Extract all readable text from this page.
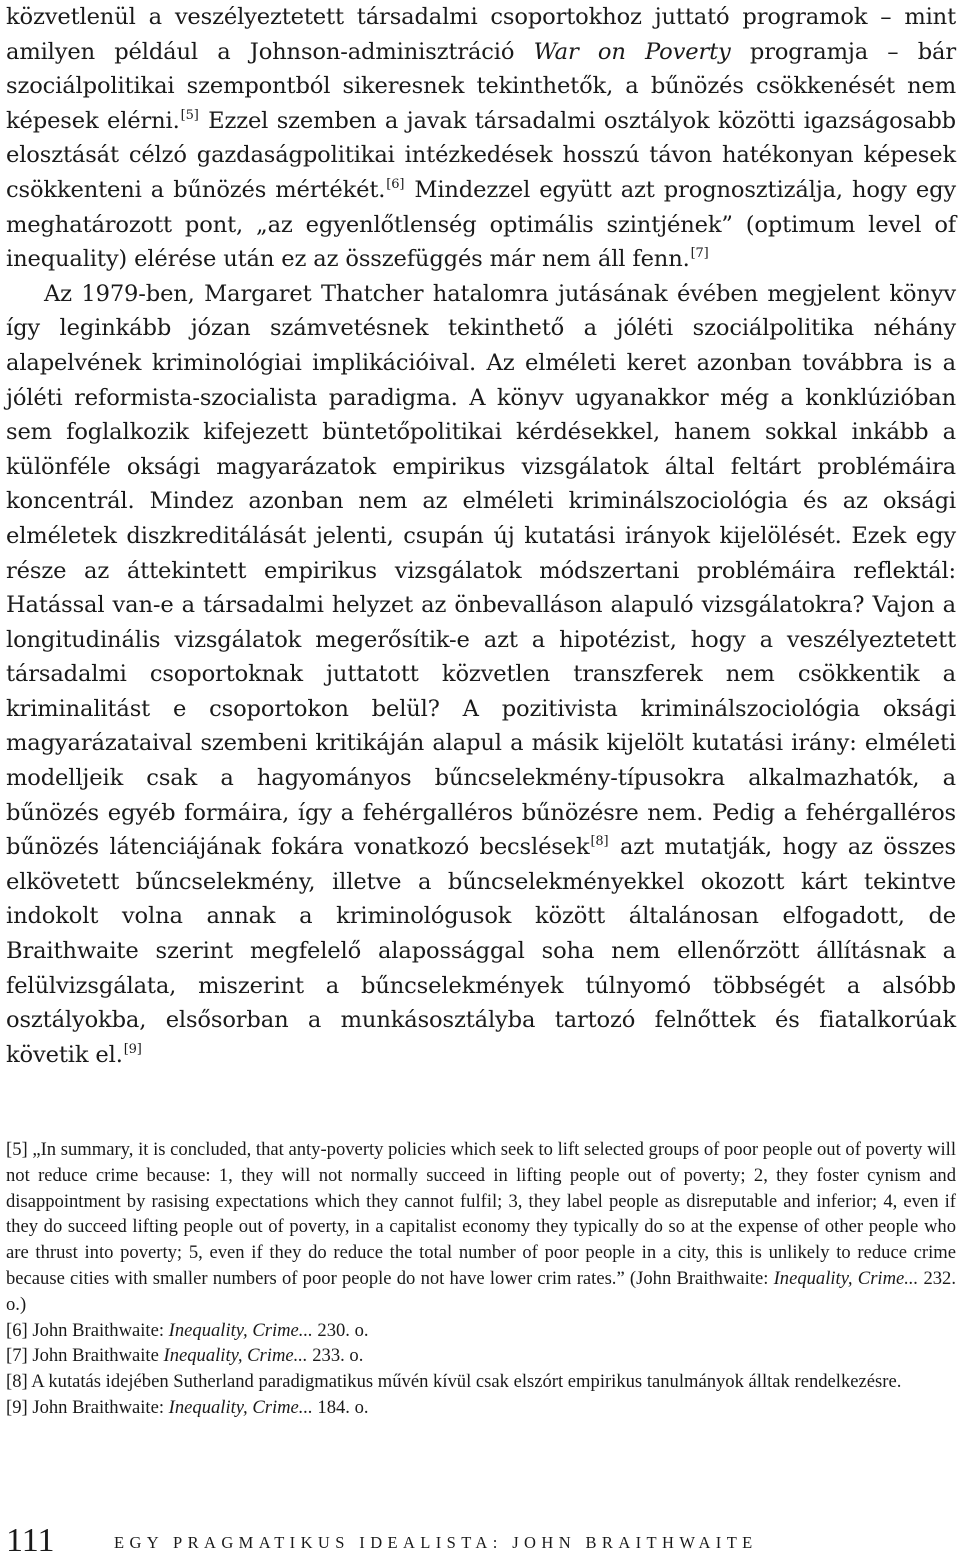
közvetlenül a veszélyeztetett társadalmi csoportokhoz juttató programok – mint amilyen például a Johnson-adminisztráció War on Poverty programja – bár szociálpolitikai szempontból sikeresnek tekinthetők, a bűnözés csökkenését nem képesek elérni.[5] Ezzel szemben a javak társadalmi osztályok közötti igazságosabb elosztását célzó gazdaságpolitikai intézkedések hosszú távon hatékonyan képesek csökkenteni a bűnözés mértékét.[6] Mindezzel együtt azt prognosztizálja, hogy egy meghatározott pont, „az egyenlőtlenség optimális szintjének” (optimum level of inequality) elérése után ez az összefüggés már nem áll fenn.[7]

Az 1979-ben, Margaret Thatcher hatalomra jutásának évében megjelent könyv így leginkább józan számvetésnek tekinthető a jóléti szociálpolitika néhány alapelvének kriminológiai implikációival. Az elméleti keret azonban továbbra is a jóléti reformista-szocialista paradigma. A könyv ugyanakkor még a konklúzióban sem foglalkozik kifejezett büntetőpolitikai kérdésekkel, hanem sokkal inkább a különféle oksági magyarázatok empirikus vizsgálatok által feltárt problémáira koncentrál. Mindez azonban nem az elméleti kriminálszociológia és az oksági elméletek diszkreditálását jelenti, csupán új kutatási irányok kijelölését. Ezek egy része az áttekintett empirikus vizsgálatok módszertani problémáira reflektál: Hatással van-e a társadalmi helyzet az önbevalláson alapuló vizsgálatokra? Vajon a longitudinális vizsgálatok megerősítik-e azt a hipotézist, hogy a veszélyeztetett társadalmi csoportoknak juttatott közvetlen transzferek nem csökkentik a kriminalitást e csoportokon belül? A pozitivista kriminálszociológia oksági magyarázataival szembeni kritikáján alapul a másik kijelölt kutatási irány: elméleti modelljeik csak a hagyományos bűncselekmény-típusokra alkalmazhatók, a bűnözés egyéb formáira, így a fehérgalléros bűnözésre nem. Pedig a fehérgalléros bűnözés látenciájának fokára vonatkozó becslések[8] azt mutatják, hogy az összes elkövetett bűncselekmény, illetve a bűncselekményekkel okozott kárt tekintve indokolt volna annak a kriminológusok között általánosan elfogadott, de Braithwaite szerint megfelelő alapossággal soha nem ellenőrzött állításnak a felülvizsgálata, miszerint a bűncselekmények túlnyomó többségét a alsóbb osztályokba, elsősorban a munkásosztályba tartozó felnőttek és fiatalkorúak követik el.[9]

[5] „In summary, it is concluded, that anty-poverty policies which seek to lift selected groups of poor people out of poverty will not reduce crime because: 1, they will not normally succeed in lifting people out of poverty; 2, they foster cynism and disappointment by rasising expectations which they cannot fulfil; 3, they label people as disreputable and inferior; 4, even if they do succeed lifting people out of poverty, in a capitalist economy they typically do so at the expense of other people who are thrust into poverty; 5, even if they do reduce the total number of poor people in a city, this is unlikely to reduce crime because cities with smaller numbers of poor people do not have lower crim rates.” (John Braithwaite: Inequality, Crime... 232. o.)

[6] John Braithwaite: Inequality, Crime... 230. o.

[7] John Braithwaite Inequality, Crime... 233. o.

[8] A kutatás idejében Sutherland paradigmatikus művén kívül csak elszórt empirikus tanulmányok álltak rendelkezésre.

[9] John Braithwaite: Inequality, Crime... 184. o.

111	EGY PRAGMATIKUS IDEALISTA: JOHN BRAITHWAITE
